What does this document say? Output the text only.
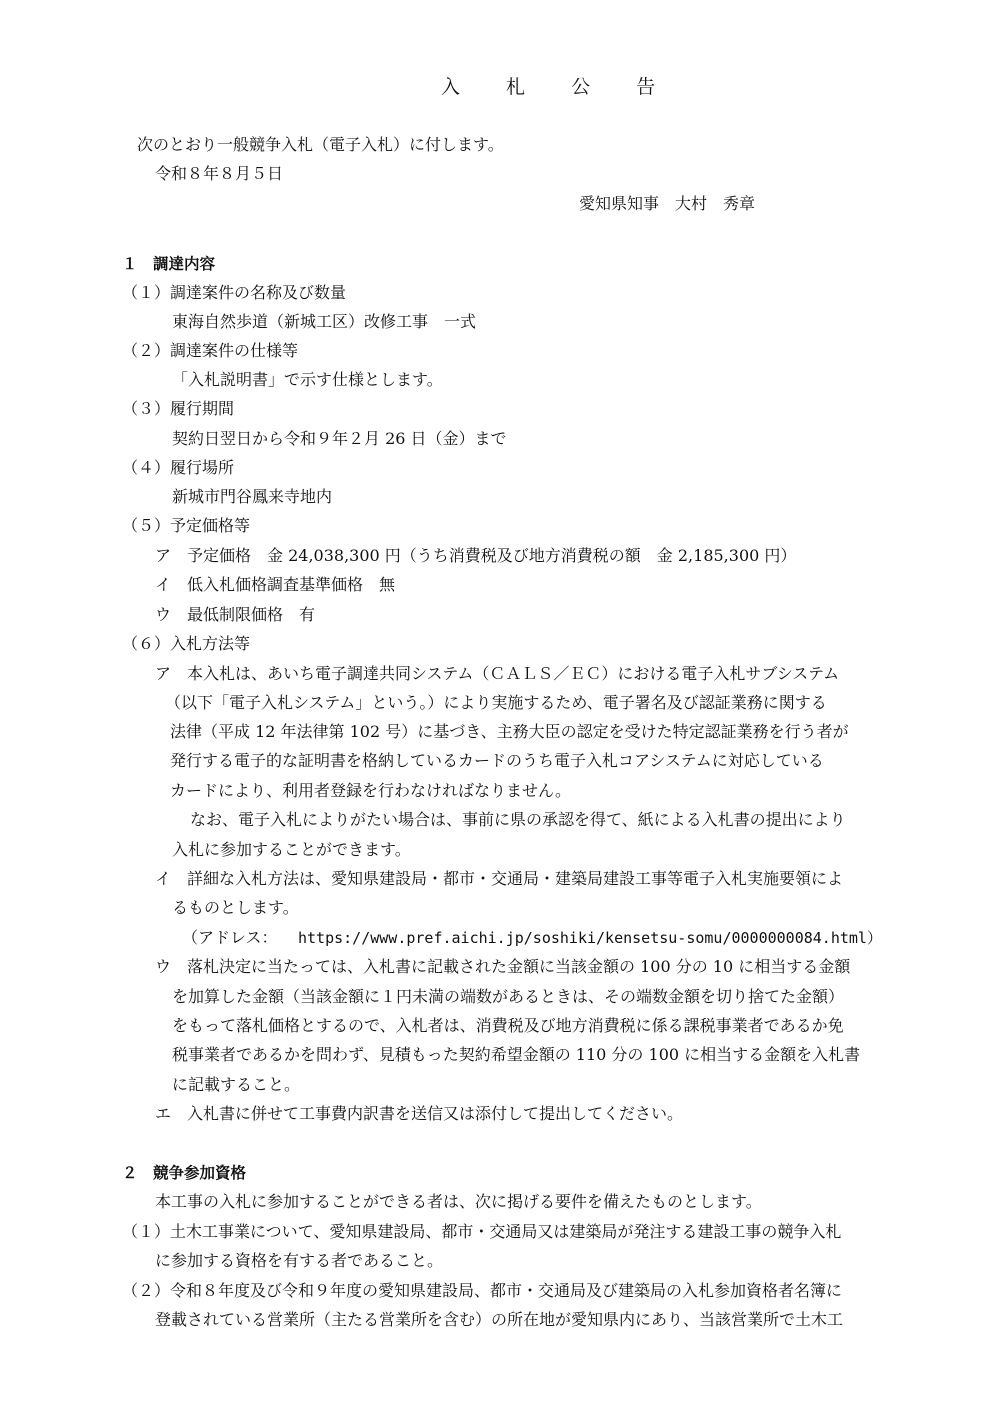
入 札 公 告
次のとおり一般競争入札（電子入札）に付します。
令和８年８月５日
愛知県知事　大村　秀章
１　調達内容
（１）調達案件の名称及び数量
東海自然歩道（新城工区）改修工事　一式
（２）調達案件の仕様等
「入札説明書」で示す仕様とします。
（３）履行期間
契約日翌日から令和９年２月 26 日（金）まで
（４）履行場所
新城市門谷鳳来寺地内
（５）予定価格等
ア　予定価格　金 24,038,300 円（うち消費税及び地方消費税の額　金 2,185,300 円）
イ　低入札価格調査基準価格　無
ウ　最低制限価格　有
（６）入札方法等
ア　本入札は、あいち電子調達共同システム（ＣＡＬＳ／ＥＣ）における電子入札サブシステム
（以下「電子入札システム」という。）により実施するため、電子署名及び認証業務に関する
法律（平成 12 年法律第 102 号）に基づき、主務大臣の認定を受けた特定認証業務を行う者が
発行する電子的な証明書を格納しているカードのうち電子入札コアシステムに対応している
カードにより、利用者登録を行わなければなりません。
なお、電子入札によりがたい場合は、事前に県の承認を得て、紙による入札書の提出により
入札に参加することができます。
イ　詳細な入札方法は、愛知県建設局・都市・交通局・建築局建設工事等電子入札実施要領によ
るものとします。
（アドレス： https://www.pref.aichi.jp/soshiki/kensetsu-somu/0000000084.html）
ウ　落札決定に当たっては、入札書に記載された金額に当該金額の 100 分の 10 に相当する金額
を加算した金額（当該金額に１円未満の端数があるときは、その端数金額を切り捨てた金額）
をもって落札価格とするので、入札者は、消費税及び地方消費税に係る課税事業者であるか免
税事業者であるかを問わず、見積もった契約希望金額の 110 分の 100 に相当する金額を入札書
に記載すること。
エ　入札書に併せて工事費内訳書を送信又は添付して提出してください。
２　競争参加資格
本工事の入札に参加することができる者は、次に掲げる要件を備えたものとします。
（１）土木工事業について、愛知県建設局、都市・交通局又は建築局が発注する建設工事の競争入札
に参加する資格を有する者であること。
（２）令和８年度及び令和９年度の愛知県建設局、都市・交通局及び建築局の入札参加資格者名簿に
登載されている営業所（主たる営業所を含む）の所在地が愛知県内にあり、当該営業所で土木工
